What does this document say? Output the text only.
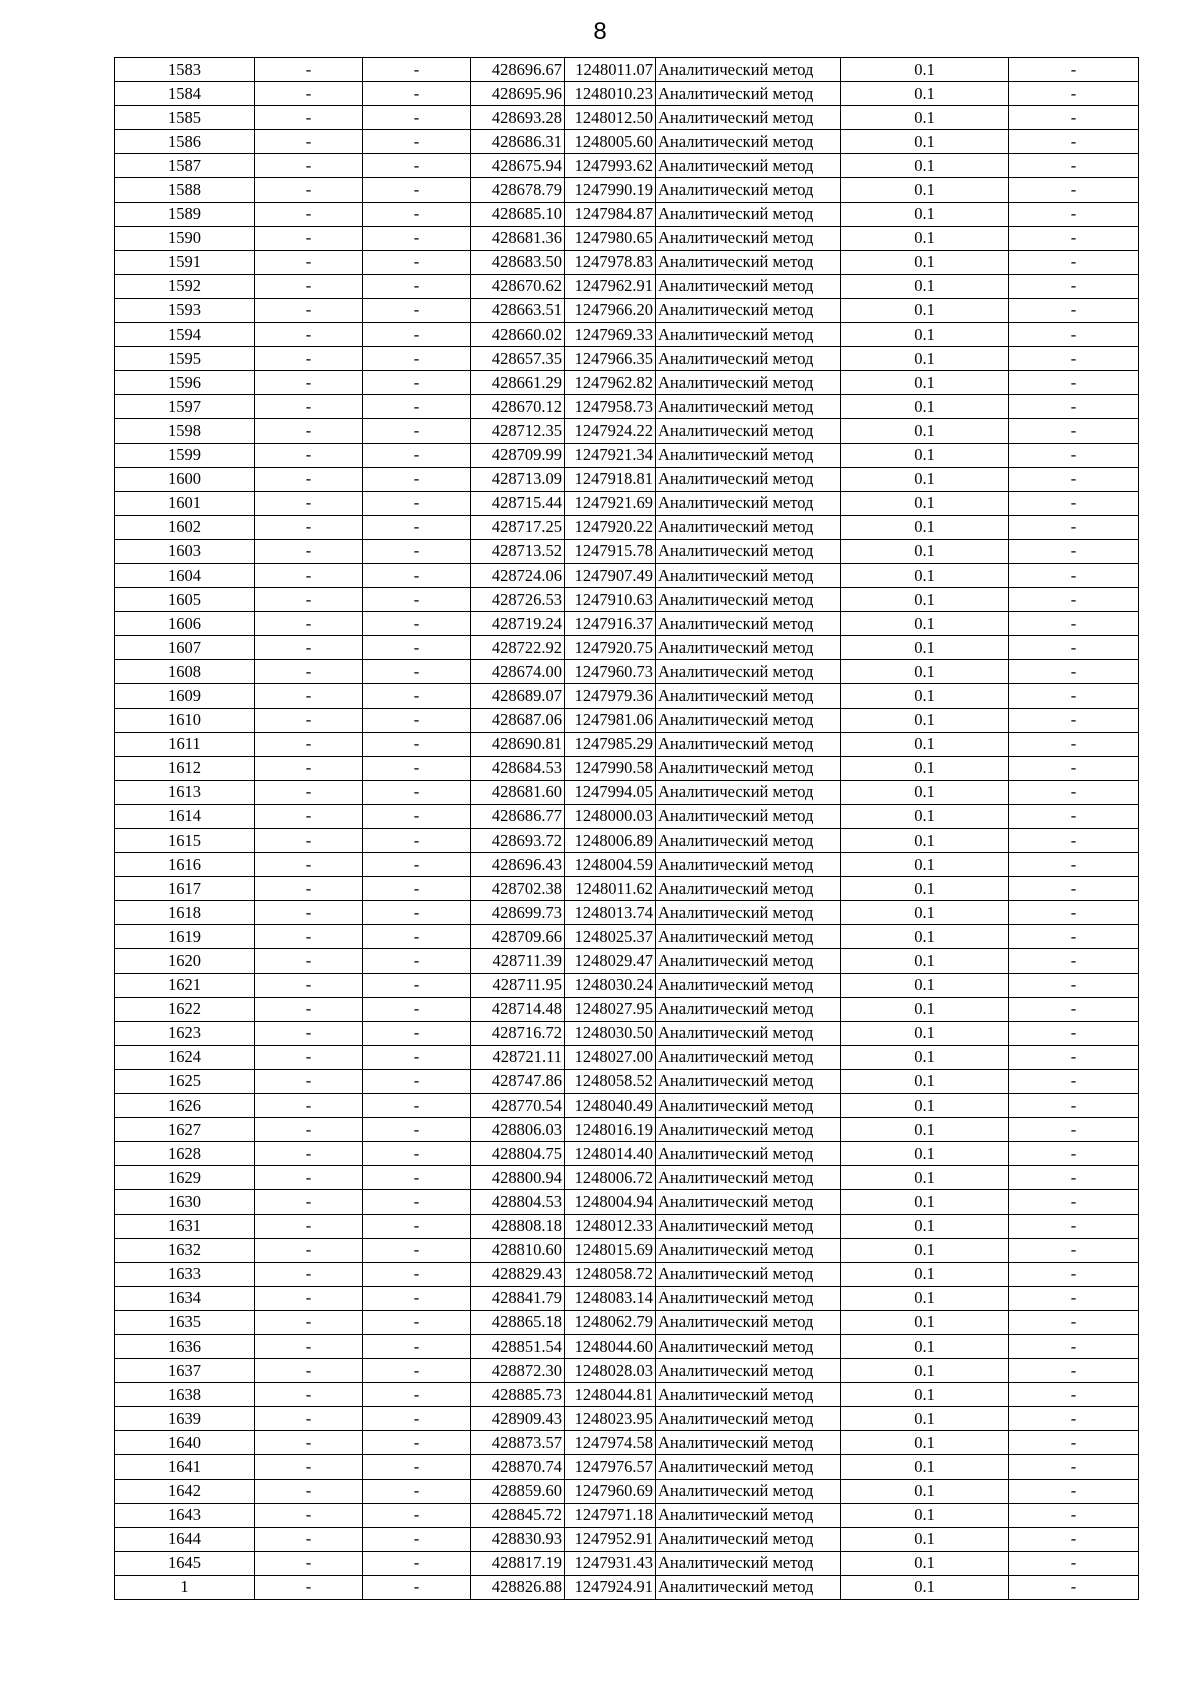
8
1583	-	-	428696.67	1248011.07	Аналитический метод	0.1	-
1584	-	-	428695.96	1248010.23	Аналитический метод	0.1	-
1585	-	-	428693.28	1248012.50	Аналитический метод	0.1	-
1586	-	-	428686.31	1248005.60	Аналитический метод	0.1	-
1587	-	-	428675.94	1247993.62	Аналитический метод	0.1	-
1588	-	-	428678.79	1247990.19	Аналитический метод	0.1	-
1589	-	-	428685.10	1247984.87	Аналитический метод	0.1	-
1590	-	-	428681.36	1247980.65	Аналитический метод	0.1	-
1591	-	-	428683.50	1247978.83	Аналитический метод	0.1	-
1592	-	-	428670.62	1247962.91	Аналитический метод	0.1	-
1593	-	-	428663.51	1247966.20	Аналитический метод	0.1	-
1594	-	-	428660.02	1247969.33	Аналитический метод	0.1	-
1595	-	-	428657.35	1247966.35	Аналитический метод	0.1	-
1596	-	-	428661.29	1247962.82	Аналитический метод	0.1	-
1597	-	-	428670.12	1247958.73	Аналитический метод	0.1	-
1598	-	-	428712.35	1247924.22	Аналитический метод	0.1	-
1599	-	-	428709.99	1247921.34	Аналитический метод	0.1	-
1600	-	-	428713.09	1247918.81	Аналитический метод	0.1	-
1601	-	-	428715.44	1247921.69	Аналитический метод	0.1	-
1602	-	-	428717.25	1247920.22	Аналитический метод	0.1	-
1603	-	-	428713.52	1247915.78	Аналитический метод	0.1	-
1604	-	-	428724.06	1247907.49	Аналитический метод	0.1	-
1605	-	-	428726.53	1247910.63	Аналитический метод	0.1	-
1606	-	-	428719.24	1247916.37	Аналитический метод	0.1	-
1607	-	-	428722.92	1247920.75	Аналитический метод	0.1	-
1608	-	-	428674.00	1247960.73	Аналитический метод	0.1	-
1609	-	-	428689.07	1247979.36	Аналитический метод	0.1	-
1610	-	-	428687.06	1247981.06	Аналитический метод	0.1	-
1611	-	-	428690.81	1247985.29	Аналитический метод	0.1	-
1612	-	-	428684.53	1247990.58	Аналитический метод	0.1	-
1613	-	-	428681.60	1247994.05	Аналитический метод	0.1	-
1614	-	-	428686.77	1248000.03	Аналитический метод	0.1	-
1615	-	-	428693.72	1248006.89	Аналитический метод	0.1	-
1616	-	-	428696.43	1248004.59	Аналитический метод	0.1	-
1617	-	-	428702.38	1248011.62	Аналитический метод	0.1	-
1618	-	-	428699.73	1248013.74	Аналитический метод	0.1	-
1619	-	-	428709.66	1248025.37	Аналитический метод	0.1	-
1620	-	-	428711.39	1248029.47	Аналитический метод	0.1	-
1621	-	-	428711.95	1248030.24	Аналитический метод	0.1	-
1622	-	-	428714.48	1248027.95	Аналитический метод	0.1	-
1623	-	-	428716.72	1248030.50	Аналитический метод	0.1	-
1624	-	-	428721.11	1248027.00	Аналитический метод	0.1	-
1625	-	-	428747.86	1248058.52	Аналитический метод	0.1	-
1626	-	-	428770.54	1248040.49	Аналитический метод	0.1	-
1627	-	-	428806.03	1248016.19	Аналитический метод	0.1	-
1628	-	-	428804.75	1248014.40	Аналитический метод	0.1	-
1629	-	-	428800.94	1248006.72	Аналитический метод	0.1	-
1630	-	-	428804.53	1248004.94	Аналитический метод	0.1	-
1631	-	-	428808.18	1248012.33	Аналитический метод	0.1	-
1632	-	-	428810.60	1248015.69	Аналитический метод	0.1	-
1633	-	-	428829.43	1248058.72	Аналитический метод	0.1	-
1634	-	-	428841.79	1248083.14	Аналитический метод	0.1	-
1635	-	-	428865.18	1248062.79	Аналитический метод	0.1	-
1636	-	-	428851.54	1248044.60	Аналитический метод	0.1	-
1637	-	-	428872.30	1248028.03	Аналитический метод	0.1	-
1638	-	-	428885.73	1248044.81	Аналитический метод	0.1	-
1639	-	-	428909.43	1248023.95	Аналитический метод	0.1	-
1640	-	-	428873.57	1247974.58	Аналитический метод	0.1	-
1641	-	-	428870.74	1247976.57	Аналитический метод	0.1	-
1642	-	-	428859.60	1247960.69	Аналитический метод	0.1	-
1643	-	-	428845.72	1247971.18	Аналитический метод	0.1	-
1644	-	-	428830.93	1247952.91	Аналитический метод	0.1	-
1645	-	-	428817.19	1247931.43	Аналитический метод	0.1	-
1	-	-	428826.88	1247924.91	Аналитический метод	0.1	-
